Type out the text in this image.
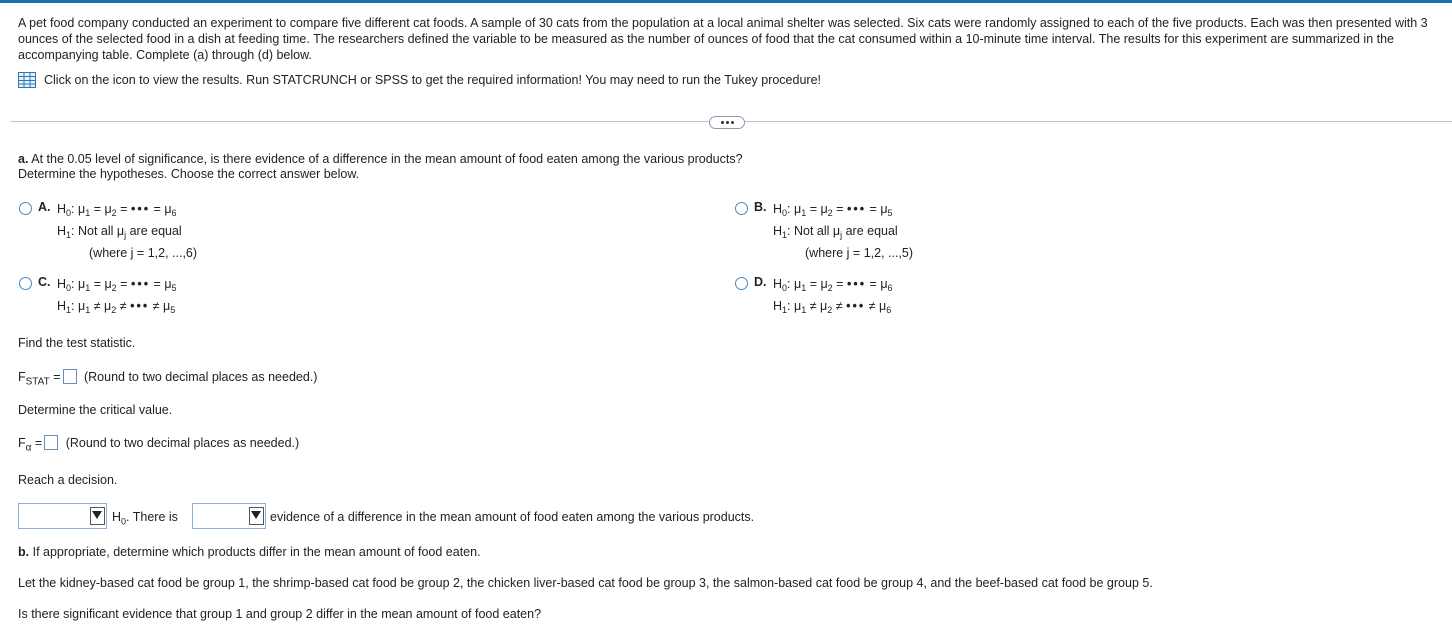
A pet food company conducted an experiment to compare five different cat foods. A sample of 30 cats from the population at a local animal shelter was selected. Six cats were randomly assigned to each of the five products. Each was then presented with 3 ounces of the selected food in a dish at feeding time. The researchers defined the variable to be measured as the number of ounces of food that the cat consumed within a 10-minute time interval. The results for this experiment are summarized in the accompanying table. Complete (a) through (d) below.
Click on the icon to view the results. Run STATCRUNCH or SPSS to get the required information! You may need to run the Tukey procedure!
a. At the 0.05 level of significance, is there evidence of a difference in the mean amount of food eaten among the various products?
Determine the hypotheses. Choose the correct answer below.
A. $H_0$: $\mu_1 = \mu_2$ = ••• = $\mu_6$
$H_1$: Not all $\mu_j$ are equal
(where j = 1,2, ...,6)
B. $H_0$: $\mu_1 = \mu_2$ = ••• = $\mu_5$
$H_1$: Not all $\mu_j$ are equal
(where j = 1,2, ...,5)
C. $H_0$: $\mu_1 = \mu_2$ = ••• = $\mu_5$
$H_1$: $\mu_1 \ne \mu_2$ ≠ ••• ≠ $\mu_5$
D. $H_0$: $\mu_1 = \mu_2$ = ••• = $\mu_6$
$H_1$: $\mu_1 \ne \mu_2$ ≠ ••• ≠ $\mu_6$
Find the test statistic.
$F_{STAT}$ = (Round to two decimal places as needed.)
Determine the critical value.
$F_\alpha$ = (Round to two decimal places as needed.)
Reach a decision.
$H_0$. There is	evidence of a difference in the mean amount of food eaten among the various products.
b. If appropriate, determine which products differ in the mean amount of food eaten.
Let the kidney-based cat food be group 1, the shrimp-based cat food be group 2, the chicken liver-based cat food be group 3, the salmon-based cat food be group 4, and the beef-based cat food be group 5.
Is there significant evidence that group 1 and group 2 differ in the mean amount of food eaten?
